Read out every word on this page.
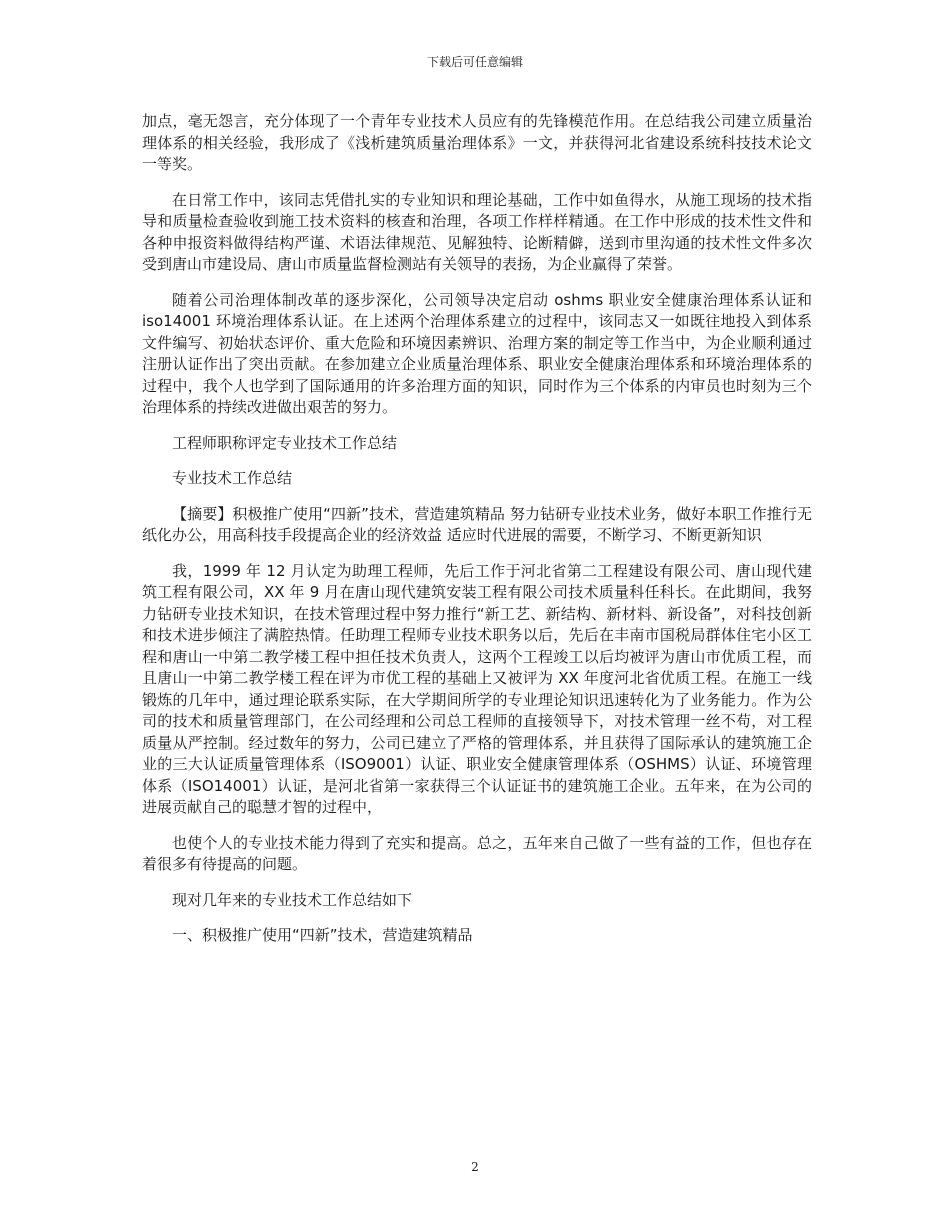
下载后可任意编辑

加点，毫无怨言，充分体现了一个青年专业技术人员应有的先锋模范作用。在总结我公司建立质量治理体系的相关经验，我形成了《浅析建筑质量治理体系》一文，并获得河北省建设系统科技技术论文一等奖。

在日常工作中，该同志凭借扎实的专业知识和理论基础，工作中如鱼得水，从施工现场的技术指导和质量检查验收到施工技术资料的核查和治理，各项工作样样精通。在工作中形成的技术性文件和各种申报资料做得结构严谨、术语法律规范、见解独特、论断精僻，送到市里沟通的技术性文件多次受到唐山市建设局、唐山市质量监督检测站有关领导的表扬，为企业赢得了荣誉。

随着公司治理体制改革的逐步深化，公司领导决定启动 oshms 职业安全健康治理体系认证和 iso14001 环境治理体系认证。在上述两个治理体系建立的过程中，该同志又一如既往地投入到体系文件编写、初始状态评价、重大危险和环境因素辨识、治理方案的制定等工作当中，为企业顺利通过注册认证作出了突出贡献。在参加建立企业质量治理体系、职业安全健康治理体系和环境治理体系的过程中，我个人也学到了国际通用的许多治理方面的知识，同时作为三个体系的内审员也时刻为三个治理体系的持续改进做出艰苦的努力。

工程师职称评定专业技术工作总结

专业技术工作总结

【摘要】积极推广使用“四新”技术，营造建筑精品 努力钻研专业技术业务，做好本职工作推行无纸化办公，用高科技手段提高企业的经济效益 适应时代进展的需要，不断学习、不断更新知识

我，1999 年 12 月认定为助理工程师，先后工作于河北省第二工程建设有限公司、唐山现代建筑工程有限公司，XX 年 9 月在唐山现代建筑安装工程有限公司技术质量科任科长。在此期间，我努力钻研专业技术知识，在技术管理过程中努力推行“新工艺、新结构、新材料、新设备”，对科技创新和技术进步倾注了满腔热情。任助理工程师专业技术职务以后，先后在丰南市国税局群体住宅小区工程和唐山一中第二教学楼工程中担任技术负责人，这两个工程竣工以后均被评为唐山市优质工程，而且唐山一中第二教学楼工程在评为市优工程的基础上又被评为 XX 年度河北省优质工程。在施工一线锻炼的几年中，通过理论联系实际，在大学期间所学的专业理论知识迅速转化为了业务能力。作为公司的技术和质量管理部门，在公司经理和公司总工程师的直接领导下，对技术管理一丝不苟，对工程质量从严控制。经过数年的努力，公司已建立了严格的管理体系，并且获得了国际承认的建筑施工企业的三大认证质量管理体系（ISO9001）认证、职业安全健康管理体系（OSHMS）认证、环境管理体系（ISO14001）认证，是河北省第一家获得三个认证证书的建筑施工企业。五年来，在为公司的进展贡献自己的聪慧才智的过程中，

也使个人的专业技术能力得到了充实和提高。总之，五年来自己做了一些有益的工作，但也存在着很多有待提高的问题。

现对几年来的专业技术工作总结如下

一、积极推广使用“四新”技术，营造建筑精品

2
